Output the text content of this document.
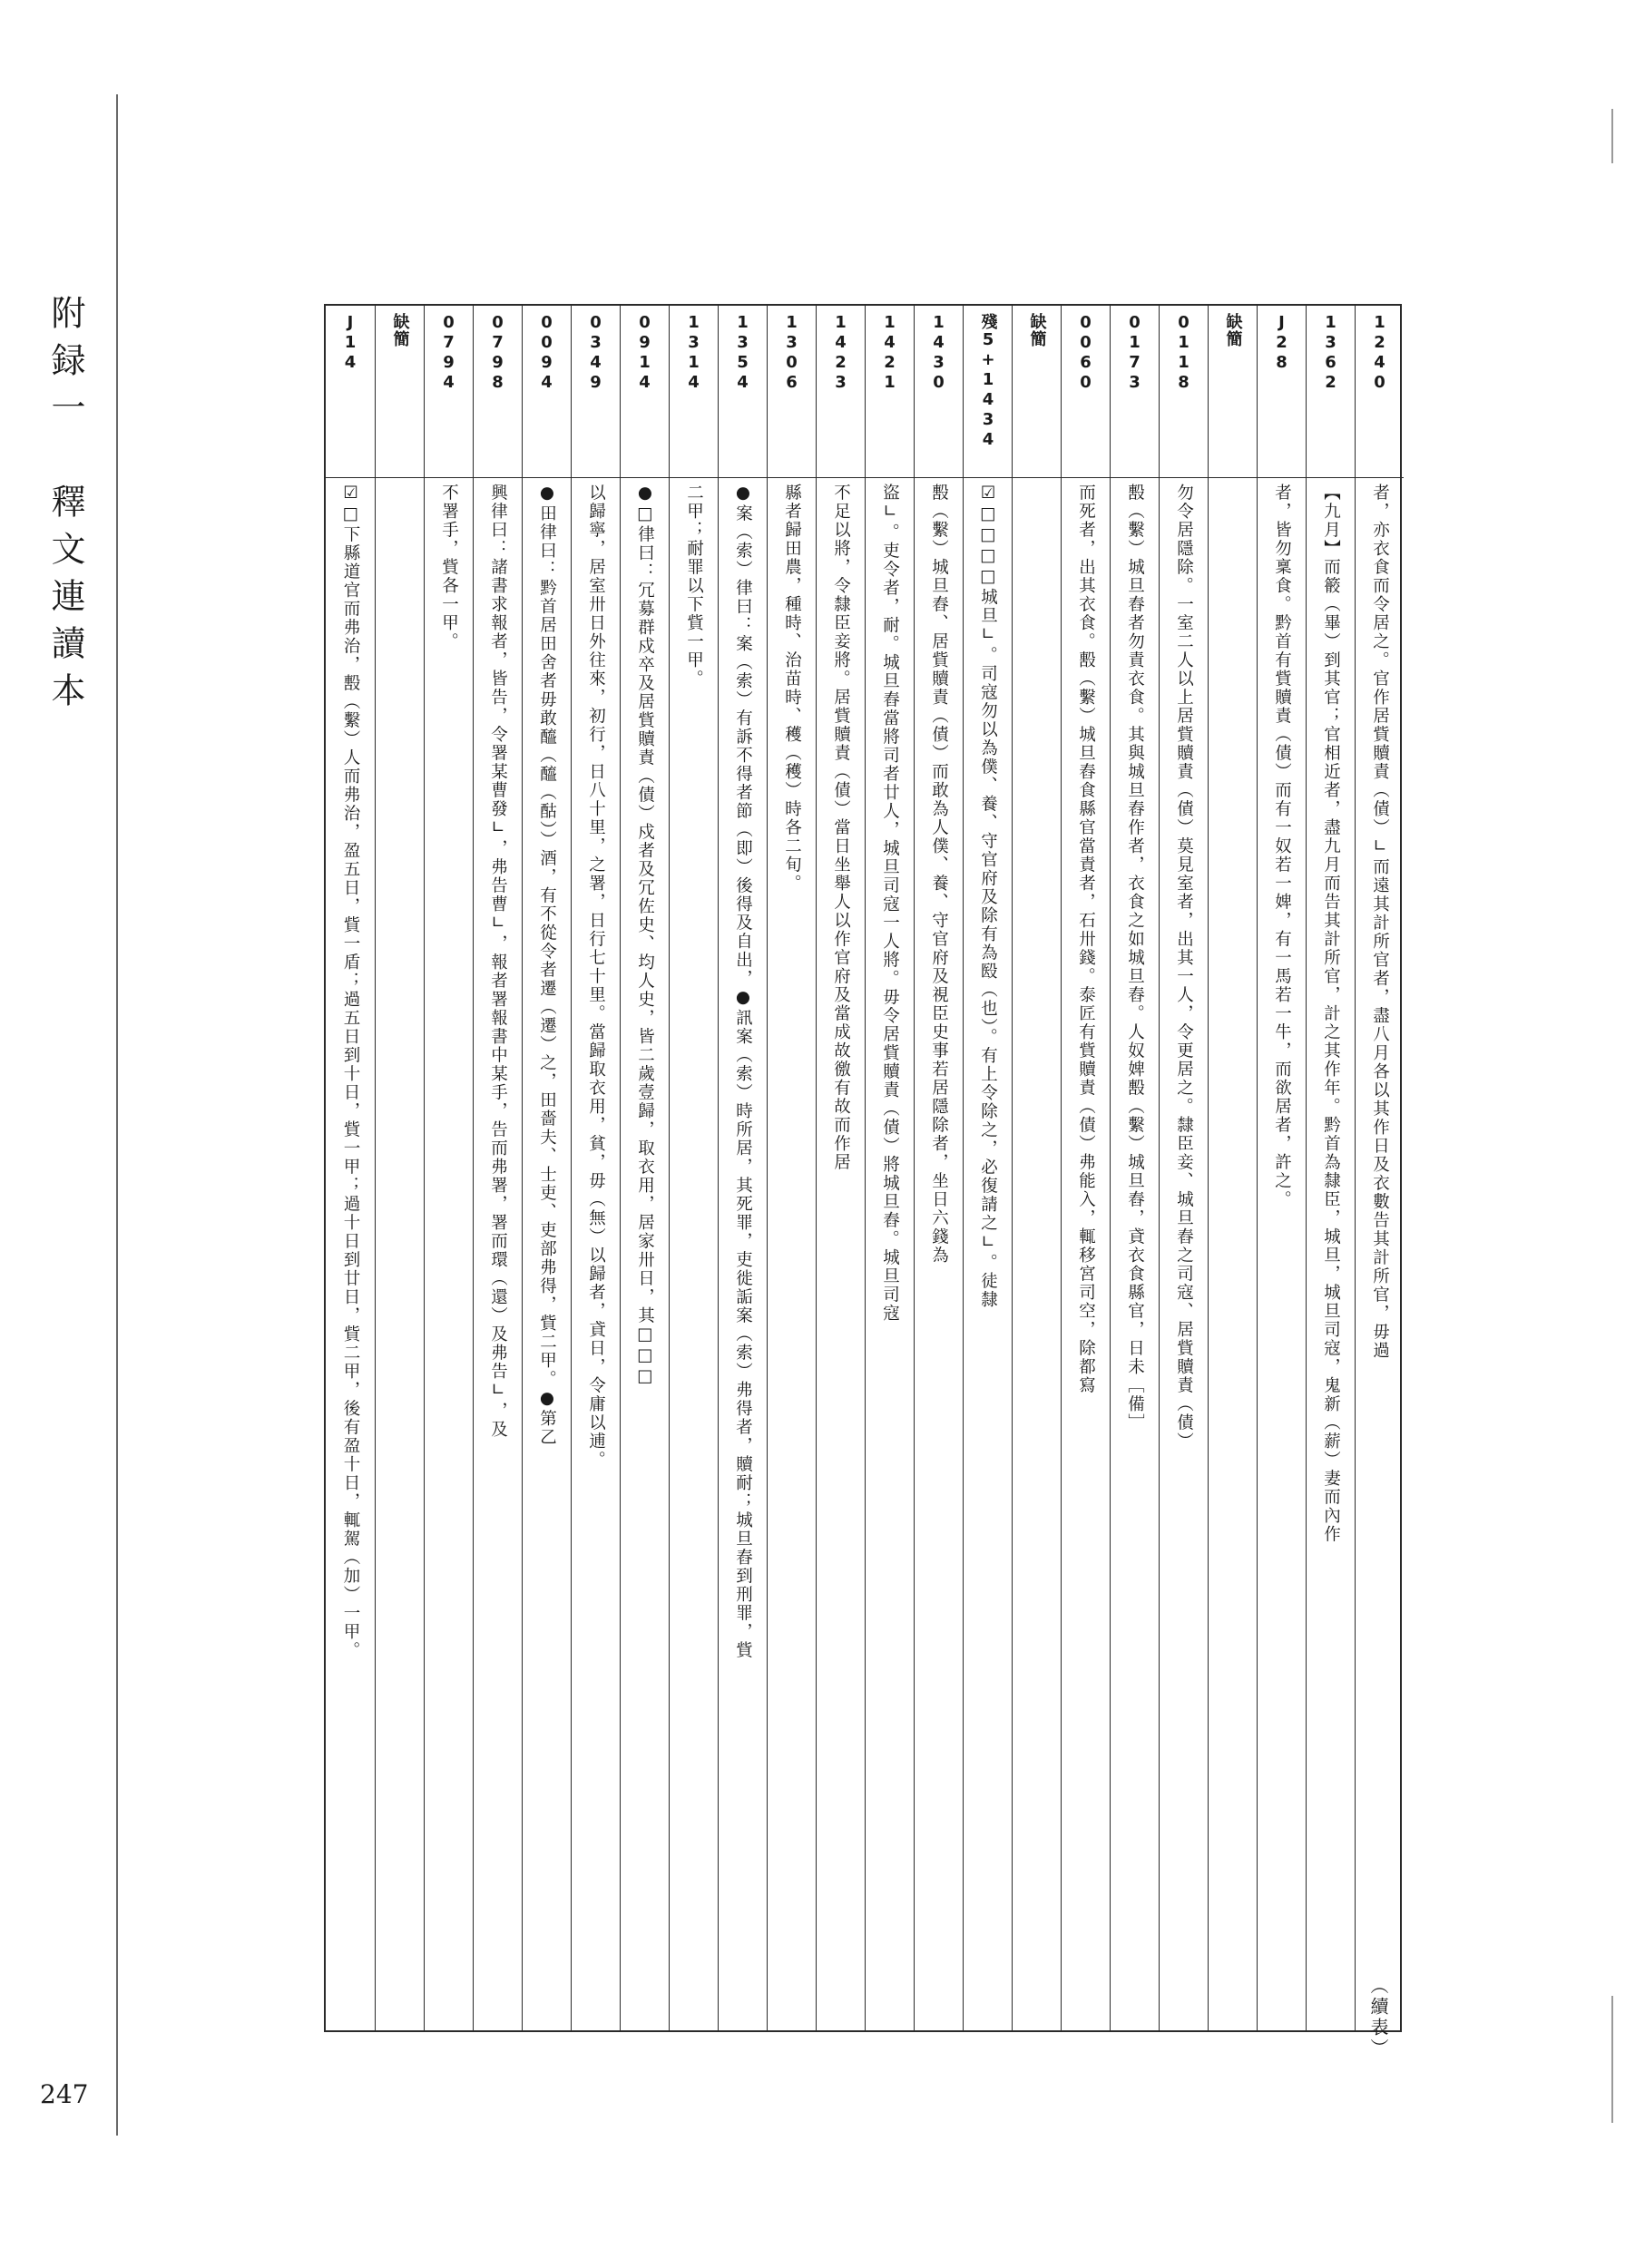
附録一　釋文連讀本
247
1240
者，亦衣食而令居之。官作居貲贖責（債）∟而遠其計所官者，盡八月各以其作日及衣數告其計所官，毋過
1362
【九月】而䉰（畢）到其官；官相近者，盡九月而告其計所官，計之其作年。黔首為隸臣，城旦，城旦司寇，鬼新（薪）妻而內作
J28
者，皆勿稟食。黔首有貲贖責（債）而有一奴若一婢，有一馬若一牛，而欲居者，許之。
缺簡
0118
勿令居隱除。一室二人以上居貲贖責（債）莫見室者，出其一人，令更居之。隸臣妾、城旦舂之司寇、居貲贖責（債）
0173
毄（繫）城旦舂者勿責衣食。其與城旦舂作者，衣食之如城旦舂。人奴婢毄（繫）城旦舂，貣衣食縣官，日未［備］
0060
而死者，出其衣食。毄（繫）城旦舂食縣官當責者，石卅錢。泰匠有貲贖責（債）弗能入，輒移宮司空，除都寫
缺簡
殘5+1434
☑□□□□城旦∟。司寇勿以為僕、養、守官府及除有為殹（也）。有上令除之，必復請之∟。徒隸
1430
毄（繫）城旦舂、居貲贖責（債）而敢為人僕、養、守官府及視臣史事若居隱除者，坐日六錢為
1421
盜∟。吏令者，耐。城旦舂當將司者廿人，城旦司寇一人將。毋令居貲贖責（債）將城旦舂。城旦司寇
1423
不足以將，令隸臣妾將。居貲贖責（債）當日坐舉人以作官府及當成故徼有故而作居
1306
縣者歸田農，種時、治苗時、穫（穫）時各二旬。
1354
●案（索）律曰：案（索）有訴不得者節（即）後得及自出，●訊案（索）時所居，其死罪，吏徙詬案（索）弗得者，贖耐；城旦舂到刑罪，貲
1314
二甲；耐罪以下貲一甲。
0914
●□律曰：冗募群戍卒及居貲贖責（債）戍者及冗佐史、均人史，皆二歲壹歸，取衣用，居家卅日，其□□□
0349
以歸寧，居室卅日外往來，初行，日八十里，之署，日行七十里。當歸取衣用，貧，毋（無）以歸者，貣日，令庸以逋。
0094
●田律曰：黔首居田舍者毋敢醯（醯（酤））酒，有不從令者遷（遷）之，田嗇夫、士吏、吏部弗得，貲二甲。●第乙
0798
興律曰：諸書求報者，皆告，令署某曹發∟，弗告曹∟，報者署報書中某手，告而弗署，署而環（還）及弗告∟，及
0794
不署手，貲各一甲。
缺簡
J14
☑□下縣道官而弗治，毄（繫）人而弗治，盈五日，貲一盾；過五日到十日，貲一甲；過十日到廿日，貲二甲，後有盈十日，輒駕（加）一甲。
（續表）
